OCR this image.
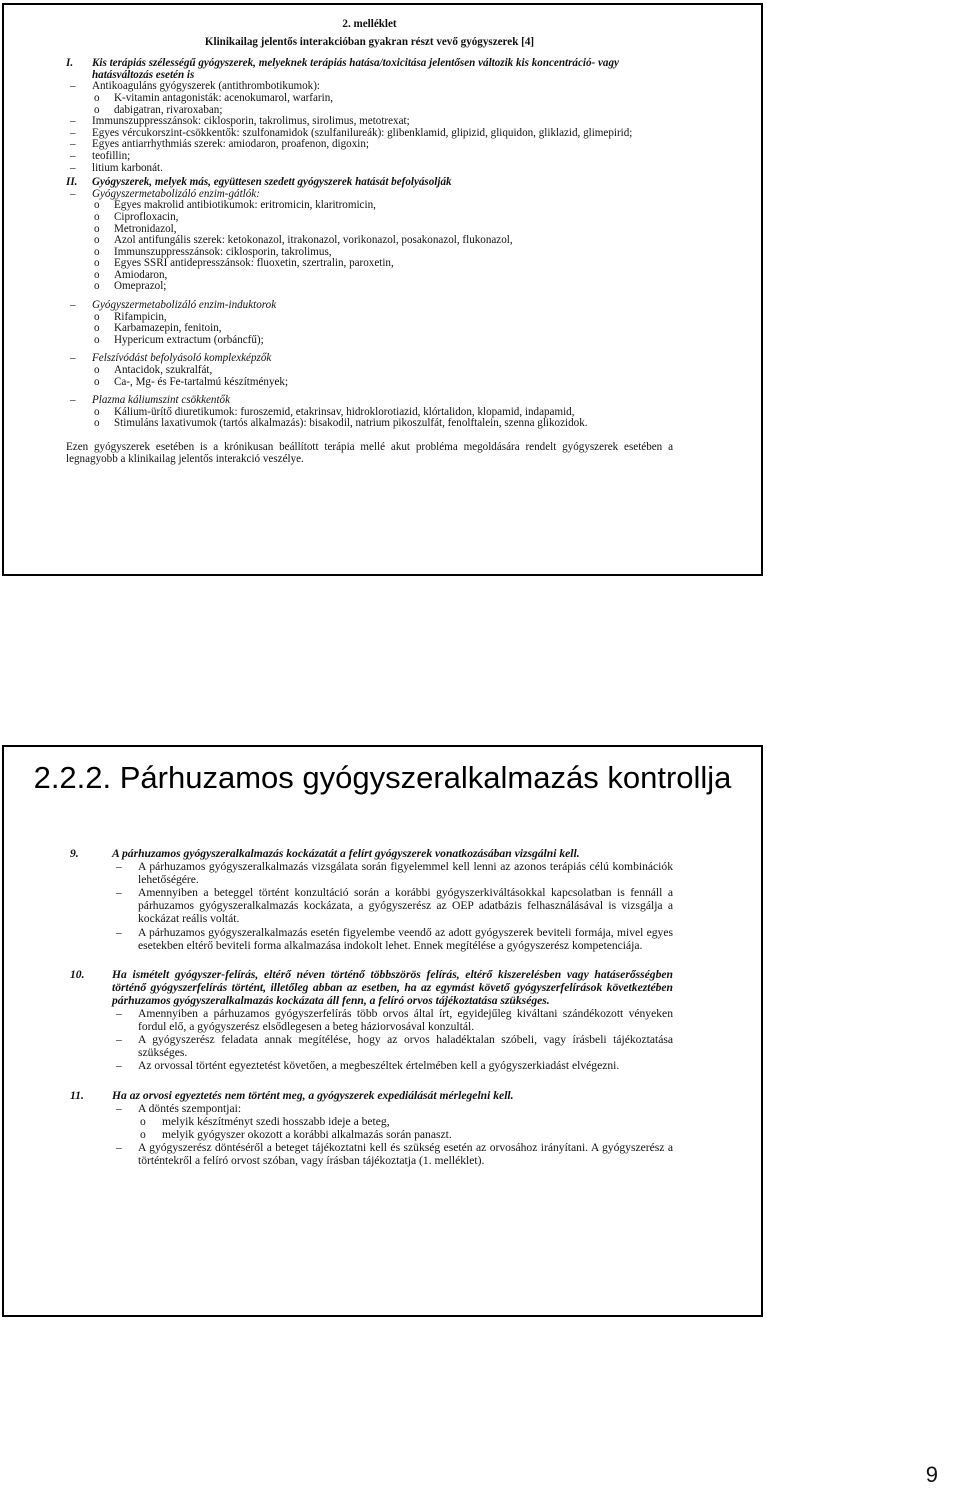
2. melléklet
Klinikailag jelentős interakcióban gyakran részt vevő gyógyszerek [4]
I. Kis terápiás szélességű gyógyszerek, melyeknek terápiás hatása/toxicitása jelentősen változik kis koncentráció- vagy hatásváltozás esetén is
– Antikoaguláns gyógyszerek (antithrombotikumok):
o K-vitamin antagonisták: acenokumarol, warfarin,
o dabigatran, rivaroxaban;
– Immunszuppresszánsok: ciklosporin, takrolimus, sirolimus, metotrexat;
– Egyes vércukorszint-csökkentők: szulfonamidok (szulfanilureák): glibenklamid, glipizid, gliquidon, gliklazid, glimepirid;
– Egyes antiarrhythmiás szerek: amiodaron, proafenon, digoxin;
– teofillin;
– litium karbonát.
II. Gyógyszerek, melyek más, együttesen szedett gyógyszerek hatását befolyásolják
– Gyógyszermetabolizáló enzim-gátlók:
o Egyes makrolid antibiotikumok: eritromicin, klaritromicin,
o Ciprofloxacin,
o Metronidazol,
o Azol antifungális szerek: ketokonazol, itrakonazol, vorikonazol, posakonazol, flukonazol,
o Immunszuppresszánsok: ciklosporin, takrolimus,
o Egyes SSRI antidepresszánsok: fluoxetin, szertralin, paroxetin,
o Amiodaron,
o Omeprazol;
– Gyógyszermetabolizáló enzim-induktorok
o Rifampicin,
o Karbamazepin, fenitoin,
o Hypericum extractum (orbáncfű);
– Felszívódást befolyásoló komplexképzők
o Antacidok, szukralfát,
o Ca-, Mg- és Fe-tartalmú készítmények;
– Plazma káliumszint csökkentők
o Kálium-ürítő diuretikumok: furoszemid, etakrinsav, hidroklorotiazid, klórtalidon, klopamid, indapamid,
o Stimuláns laxativumok (tartós alkalmazás): bisakodil, natrium pikoszulfát, fenolftalein, szenna glikozidok.
Ezen gyógyszerek esetében is a krónikusan beállított terápia mellé akut probléma megoldására rendelt gyógyszerek esetében a legnagyobb a klinikailag jelentős interakció veszélye.
2.2.2. Párhuzamos gyógyszeralkalmazás kontrollja
9.	A párhuzamos gyógyszeralkalmazás kockázatát a felírt gyógyszerek vonatkozásában vizsgálni kell.
– A párhuzamos gyógyszeralkalmazás vizsgálata során figyelemmel kell lenni az azonos terápiás célú kombinációk lehetőségére.
– Amennyiben a beteggel történt konzultáció során a korábbi gyógyszerkiváltásokkal kapcsolatban is fennáll a párhuzamos gyógyszeralkalmazás kockázata, a gyógyszerész az OEP adatbázis felhasználásával is vizsgálja a kockázat reális voltát.
– A párhuzamos gyógyszeralkalmazás esetén figyelembe veendő az adott gyógyszerek beviteli formája, mivel egyes esetekben eltérő beviteli forma alkalmazása indokolt lehet. Ennek megítélése a gyógyszerész kompetenciája.
10. Ha ismételt gyógyszer-felírás, eltérő néven történő többszörös felírás, eltérő kiszerelésben vagy hatáserősségben történő gyógyszerfelírás történt, illetőleg abban az esetben, ha az egymást követő gyógyszerfelírások következtében párhuzamos gyógyszeralkalmazás kockázata áll fenn, a felíró orvos tájékoztatása szükséges.
– Amennyiben a párhuzamos gyógyszerfelírás több orvos által írt, egyidejűleg kiváltani szándékozott vényeken fordul elő, a gyógyszerész elsődlegesen a beteg háziorvosával konzultál.
– A gyógyszerész feladata annak megítélése, hogy az orvos haladéktalan szóbeli, vagy írásbeli tájékoztatása szükséges.
– Az orvossal történt egyeztetést követően, a megbeszéltek értelmében kell a gyógyszerkiadást elvégezni.
11. Ha az orvosi egyeztetés nem történt meg, a gyógyszerek expediálását mérlegelni kell.
– A döntés szempontjai:
o melyik készítményt szedi hosszabb ideje a beteg,
o melyik gyógyszer okozott a korábbi alkalmazás során panaszt.
– A gyógyszerész döntéséről a beteget tájékoztatni kell és szükség esetén az orvosához irányítani. A gyógyszerész a történtekről a felíró orvost szóban, vagy írásban tájékoztatja (1. melléklet).
9
